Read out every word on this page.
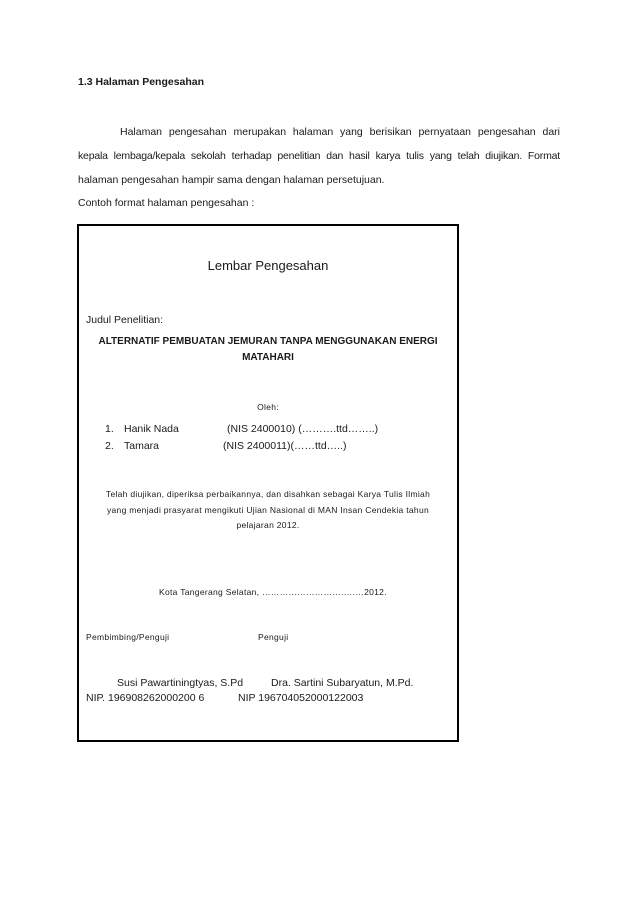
1.3 Halaman Pengesahan

Halaman pengesahan merupakan halaman yang berisikan pernyataan pengesahan dari

kepala lembaga/kepala sekolah terhadap penelitian dan hasil karya tulis yang telah diujikan. Format

halaman pengesahan hampir sama dengan halaman persetujuan.

Contoh format halaman pengesahan :
Lembar Pengesahan
Judul Penelitian:
ALTERNATIF PEMBUATAN JEMURAN TANPA MENGGUNAKAN ENERGI
MATAHARI
Oleh:
1. Hanik Nada	(NIS 2400010) (……….ttd……..)
2. Tamara	(NIS 2400011)(……ttd…..)
Telah diujikan, diperiksa perbaikannya, dan disahkan sebagai Karya Tulis Ilmiah
yang menjadi prasyarat mengikuti Ujian Nasional di MAN Insan Cendekia tahun
pelajaran 2012.
Kota Tangerang Selatan, ………………………..……2012.
Pembimbing/Penguji	Penguji
Susi Pawartiningtyas, S.Pd	Dra. Sartini Subaryatun, M.Pd.
NIP. 196908262000200 6	NIP 196704052000122003
